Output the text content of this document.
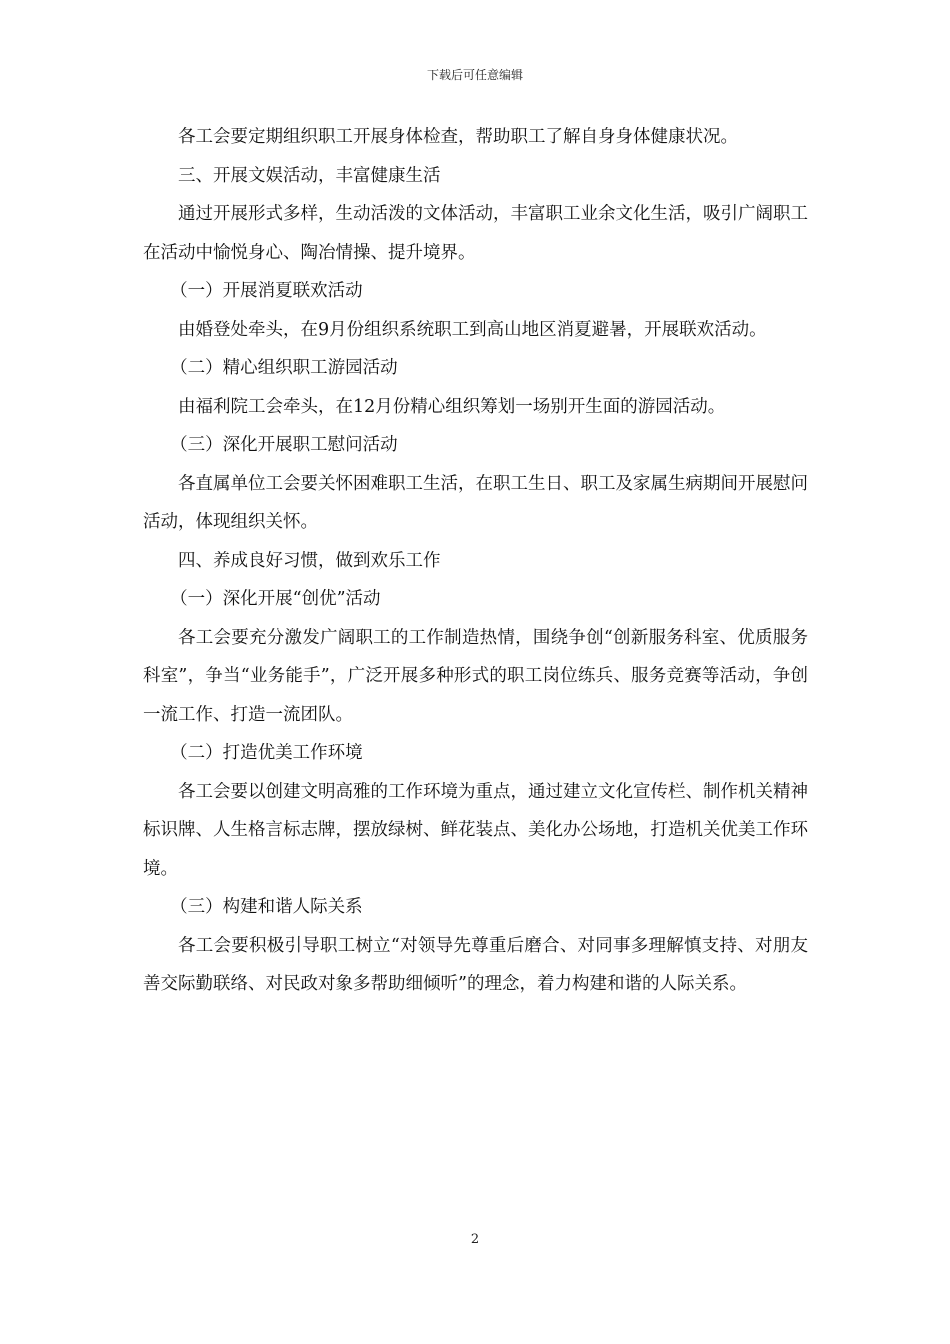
下载后可任意编辑

各工会要定期组织职工开展身体检查，帮助职工了解自身身体健康状况。

三、开展文娱活动，丰富健康生活

通过开展形式多样，生动活泼的文体活动，丰富职工业余文化生活，吸引广阔职工在活动中愉悦身心、陶冶情操、提升境界。

（一）开展消夏联欢活动

由婚登处牵头，在9月份组织系统职工到高山地区消夏避暑，开展联欢活动。

（二）精心组织职工游园活动

由福利院工会牵头，在12月份精心组织筹划一场别开生面的游园活动。

（三）深化开展职工慰问活动

各直属单位工会要关怀困难职工生活，在职工生日、职工及家属生病期间开展慰问活动，体现组织关怀。

四、养成良好习惯，做到欢乐工作

（一）深化开展“创优”活动

各工会要充分激发广阔职工的工作制造热情，围绕争创“创新服务科室、优质服务科室”，争当“业务能手”，广泛开展多种形式的职工岗位练兵、服务竞赛等活动，争创一流工作、打造一流团队。

（二）打造优美工作环境

各工会要以创建文明高雅的工作环境为重点，通过建立文化宣传栏、制作机关精神标识牌、人生格言标志牌，摆放绿树、鲜花装点、美化办公场地，打造机关优美工作环境。

（三）构建和谐人际关系

各工会要积极引导职工树立“对领导先尊重后磨合、对同事多理解慎支持、对朋友善交际勤联络、对民政对象多帮助细倾听”的理念，着力构建和谐的人际关系。

2
